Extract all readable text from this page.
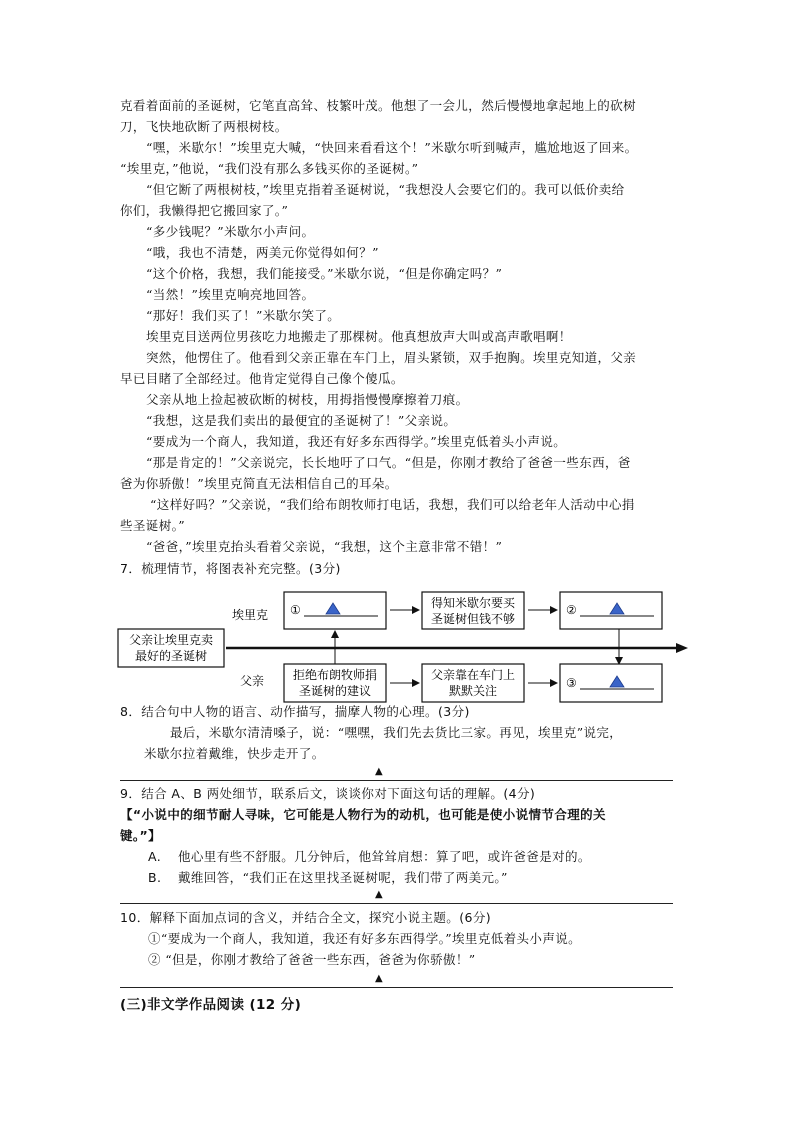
克看着面前的圣诞树，它笔直高耸、枝繁叶茂。他想了一会儿，然后慢慢地拿起地上的砍树
刀，飞快地砍断了两根树枝。
“嘿，米歇尔！”埃里克大喊，“快回来看看这个！”米歇尔听到喊声，尴尬地返了回来。
“埃里克，”他说，“我们没有那么多钱买你的圣诞树。”
“但它断了两根树枝，”埃里克指着圣诞树说，“我想没人会要它们的。我可以低价卖给
你们，我懒得把它搬回家了。”
“多少钱呢？”米歇尔小声问。
“哦，我也不清楚，两美元你觉得如何？”
“这个价格，我想，我们能接受。”米歇尔说，“但是你确定吗？”
“当然！”埃里克响亮地回答。
“那好！我们买了！”米歇尔笑了。
埃里克目送两位男孩吃力地搬走了那棵树。他真想放声大叫或高声歌唱啊！
突然，他愣住了。他看到父亲正靠在车门上，眉头紧锁，双手抱胸。埃里克知道，父亲
早已目睹了全部经过。他肯定觉得自己像个傻瓜。
父亲从地上捡起被砍断的树枝，用拇指慢慢摩擦着刀痕。
“我想，这是我们卖出的最便宜的圣诞树了！”父亲说。
“要成为一个商人，我知道，我还有好多东西得学。”埃里克低着头小声说。
“那是肯定的！”父亲说完，长长地吁了口气。“但是，你刚才教给了爸爸一些东西，爸
爸为你骄傲！”埃里克简直无法相信自己的耳朵。
“这样好吗？”父亲说，“我们给布朗牧师打电话，我想，我们可以给老年人活动中心捐
些圣诞树。”
“爸爸，”埃里克抬头看着父亲说，“我想，这个主意非常不错！”
7．梳理情节，将图表补充完整。(3分)
父亲让埃里克卖
最好的圣诞树
埃里克
父亲
①	得知米歇尔要买
圣诞树但钱不够
②
拒绝布朗牧师捐
圣诞树的建议
父亲靠在车门上
默默关注
③
8．结合句中人物的语言、动作描写，揣摩人物的心理。(3分)
最后，米歇尔清清嗓子，说：“嘿嘿，我们先去货比三家。再见，埃里克”说完，
米歇尔拉着戴维，快步走开了。
▲
9．结合 A、B 两处细节，联系后文，谈谈你对下面这句话的理解。(4分)
【“小说中的细节耐人寻味，它可能是人物行为的动机，也可能是使小说情节合理的关
键。”】
A. 他心里有些不舒服。几分钟后，他耸耸肩想：算了吧，或许爸爸是对的。
B. 戴维回答，“我们正在这里找圣诞树呢，我们带了两美元。”
▲
10．解释下面加点词的含义，并结合全文，探究小说主题。(6分)
①“要成为一个商人，我知道，我还有好多东西得学。”埃里克低着头小声说。
② “但是，你刚才教给了爸爸一些东西，爸爸为你骄傲！”
▲
(三)非文学作品阅读 (12 分)
